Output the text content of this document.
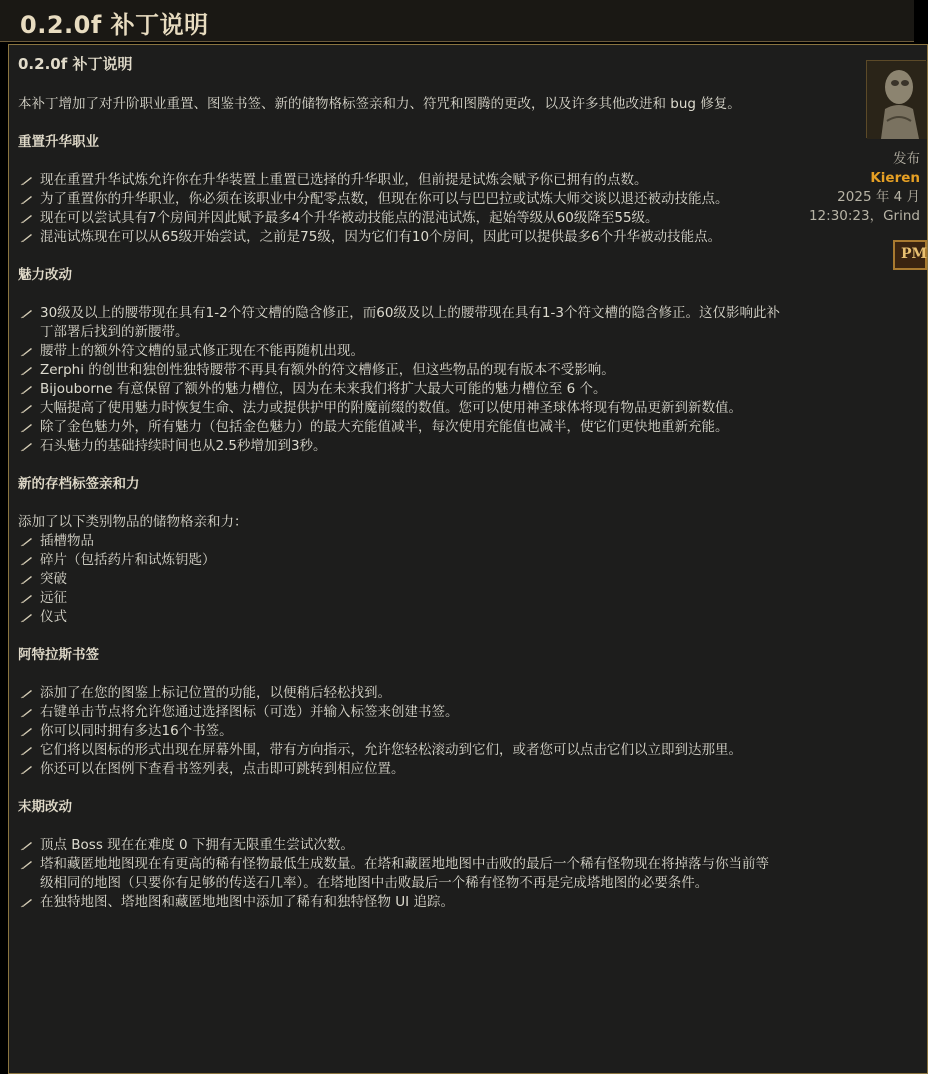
0.2.0f 补丁说明
0.2.0f 补丁说明
本补丁增加了对升阶职业重置、图鉴书签、新的储物格标签亲和力、符咒和图腾的更改，以及许多其他改进和 bug 修复。
重置升华职业
现在重置升华试炼允许你在升华装置上重置已选择的升华职业，但前提是试炼会赋予你已拥有的点数。
为了重置你的升华职业，你必须在该职业中分配零点数，但现在你可以与巴巴拉或试炼大师交谈以退还被动技能点。
现在可以尝试具有7个房间并因此赋予最多4个升华被动技能点的混沌试炼，起始等级从60级降至55级。
混沌试炼现在可以从65级开始尝试，之前是75级，因为它们有10个房间，因此可以提供最多6个升华被动技能点。
魅力改动
30级及以上的腰带现在具有1-2个符文槽的隐含修正，而60级及以上的腰带现在具有1-3个符文槽的隐含修正。这仅影响此补丁部署后找到的新腰带。
腰带上的额外符文槽的显式修正现在不能再随机出现。
Zerphi 的创世和独创性独特腰带不再具有额外的符文槽修正，但这些物品的现有版本不受影响。
Bijouborne 有意保留了额外的魅力槽位，因为在未来我们将扩大最大可能的魅力槽位至 6 个。
大幅提高了使用魅力时恢复生命、法力或提供护甲的附魔前缀的数值。您可以使用神圣球体将现有物品更新到新数值。
除了金色魅力外，所有魅力（包括金色魅力）的最大充能值减半，每次使用充能值也减半，使它们更快地重新充能。
石头魅力的基础持续时间也从2.5秒增加到3秒。
新的存档标签亲和力
添加了以下类别物品的储物格亲和力：
插槽物品
碎片（包括药片和试炼钥匙）
突破
远征
仪式
阿特拉斯书签
添加了在您的图鉴上标记位置的功能，以便稍后轻松找到。
右键单击节点将允许您通过选择图标（可选）并输入标签来创建书签。
你可以同时拥有多达16个书签。
它们将以图标的形式出现在屏幕外围，带有方向指示，允许您轻松滚动到它们，或者您可以点击它们以立即到达那里。
你还可以在图例下查看书签列表，点击即可跳转到相应位置。
末期改动
顶点 Boss 现在在难度 0 下拥有无限重生尝试次数。
塔和藏匿地地图现在有更高的稀有怪物最低生成数量。在塔和藏匿地地图中击败的最后一个稀有怪物现在将掉落与你当前等级相同的地图（只要你有足够的传送石几率）。在塔地图中击败最后一个稀有怪物不再是完成塔地图的必要条件。
在独特地图、塔地图和藏匿地地图中添加了稀有和独特怪物 UI 追踪。
发布
Kieren
2025 年 4 月
12:30:23，Grind
PM
